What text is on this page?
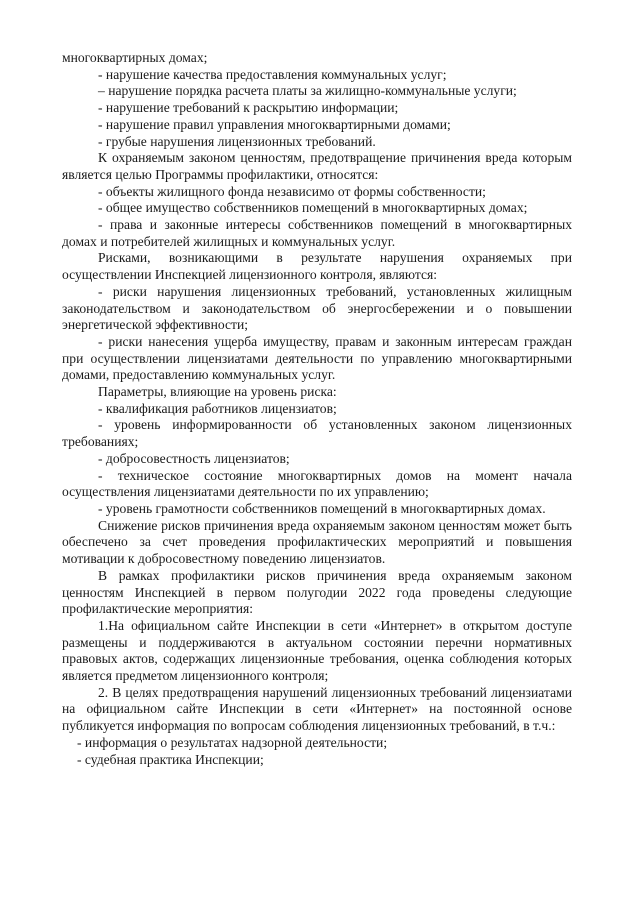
многоквартирных домах;

- нарушение качества предоставления коммунальных услуг;

– нарушение порядка расчета платы за жилищно-коммунальные услуги;

- нарушение требований к раскрытию информации;

- нарушение правил управления многоквартирными домами;

- грубые нарушения лицензионных требований.

К охраняемым законом ценностям, предотвращение причинения вреда которым является целью Программы профилактики, относятся:

- объекты жилищного фонда независимо от формы собственности;

- общее имущество собственников помещений в многоквартирных домах;

- права и законные интересы собственников помещений в многоквартирных домах и потребителей жилищных и коммунальных услуг.

Рисками, возникающими в результате нарушения охраняемых при осуществлении Инспекцией лицензионного контроля, являются:

- риски нарушения лицензионных требований, установленных жилищным законодательством и законодательством об энергосбережении и о повышении энергетической эффективности;

- риски нанесения ущерба имуществу, правам и законным интересам граждан при осуществлении лицензиатами деятельности по управлению многоквартирными домами, предоставлению коммунальных услуг.

Параметры, влияющие на уровень риска:

- квалификация работников лицензиатов;

- уровень информированности об установленных законом лицензионных требованиях;

- добросовестность лицензиатов;

- техническое состояние многоквартирных домов на момент начала осуществления лицензиатами деятельности по их управлению;

- уровень грамотности собственников помещений в многоквартирных домах.

Снижение рисков причинения вреда охраняемым законом ценностям может быть обеспечено за счет проведения профилактических мероприятий и повышения мотивации к добросовестному поведению лицензиатов.

В рамках профилактики рисков причинения вреда охраняемым законом ценностям Инспекцией в первом полугодии 2022 года проведены следующие профилактические мероприятия:

1.На официальном сайте Инспекции в сети «Интернет» в открытом доступе размещены и поддерживаются в актуальном состоянии перечни нормативных правовых актов, содержащих лицензионные требования, оценка соблюдения которых является предметом лицензионного контроля;

2. В целях предотвращения нарушений лицензионных требований лицензиатами на официальном сайте Инспекции в сети «Интернет» на постоянной основе публикуется информация по вопросам соблюдения лицензионных требований, в т.ч.:

- информация о результатах надзорной деятельности;

- судебная практика Инспекции;
